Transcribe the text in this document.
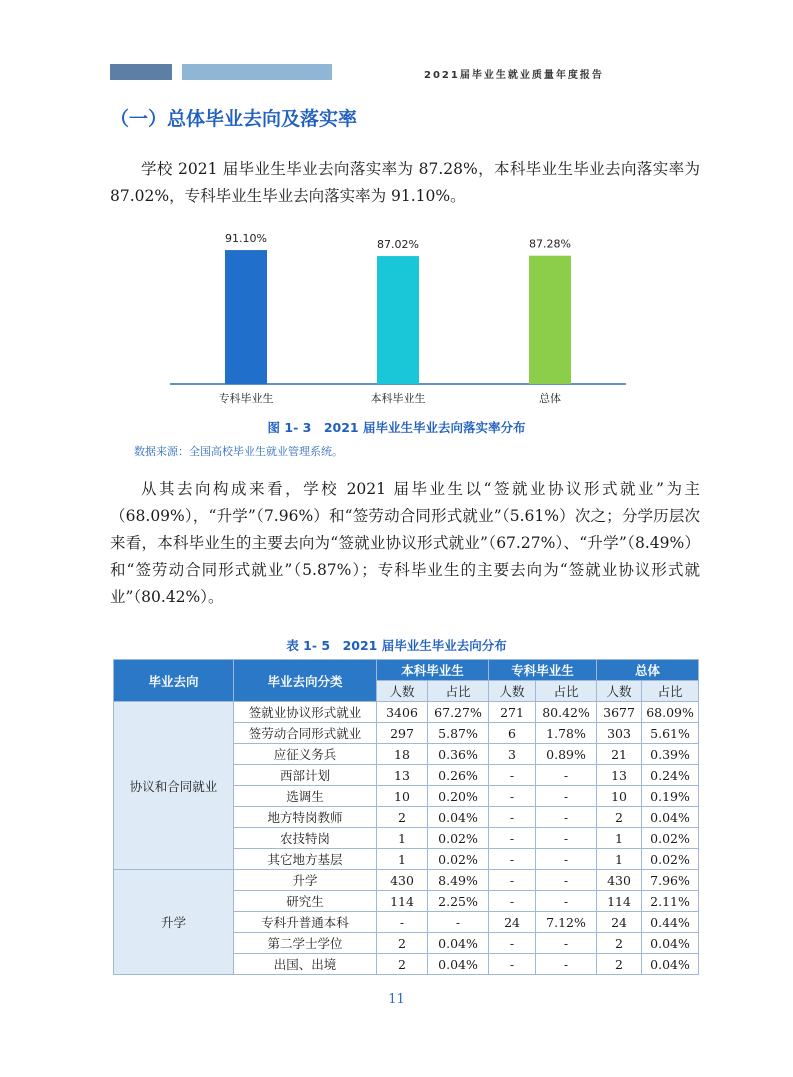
2021届毕业生就业质量年度报告
（一）总体毕业去向及落实率
学校 2021 届毕业生毕业去向落实率为 87.28%，本科毕业生毕业去向落实率为 87.02%，专科毕业生毕业去向落实率为 91.10%。
91.10%
专科毕业生
87.02%
本科毕业生
87.28%
总体
图 1- 3　2021 届毕业生毕业去向落实率分布
数据来源：全国高校毕业生就业管理系统。
从其去向构成来看，学校 2021 届毕业生以“签就业协议形式就业”为主（68.09%），“升学”（7.96%）和“签劳动合同形式就业”（5.61%）次之；分学历层次来看，本科毕业生的主要去向为“签就业协议形式就业”（67.27%）、“升学”（8.49%）和“签劳动合同形式就业”（5.87%）；专科毕业生的主要去向为“签就业协议形式就业”（80.42%）。
表 1- 5　2021 届毕业生毕业去向分布
毕业去向	毕业去向分类	本科毕业生		专科毕业生		总体	
		人数	占比	人数	占比	人数	占比
协议和合同就业	签就业协议形式就业	3406	67.27%	271	80.42%	3677	68.09%
	签劳动合同形式就业	297	5.87%	6	1.78%	303	5.61%
	应征义务兵	18	0.36%	3	0.89%	21	0.39%
	西部计划	13	0.26%	-	-	13	0.24%
	选调生	10	0.20%	-	-	10	0.19%
	地方特岗教师	2	0.04%	-	-	2	0.04%
	农技特岗	1	0.02%	-	-	1	0.02%
	其它地方基层	1	0.02%	-	-	1	0.02%
升学	升学	430	8.49%	-	-	430	7.96%
	研究生	114	2.25%	-	-	114	2.11%
	专科升普通本科	-	-	24	7.12%	24	0.44%
	第二学士学位	2	0.04%	-	-	2	0.04%
	出国、出境	2	0.04%	-	-	2	0.04%
11
